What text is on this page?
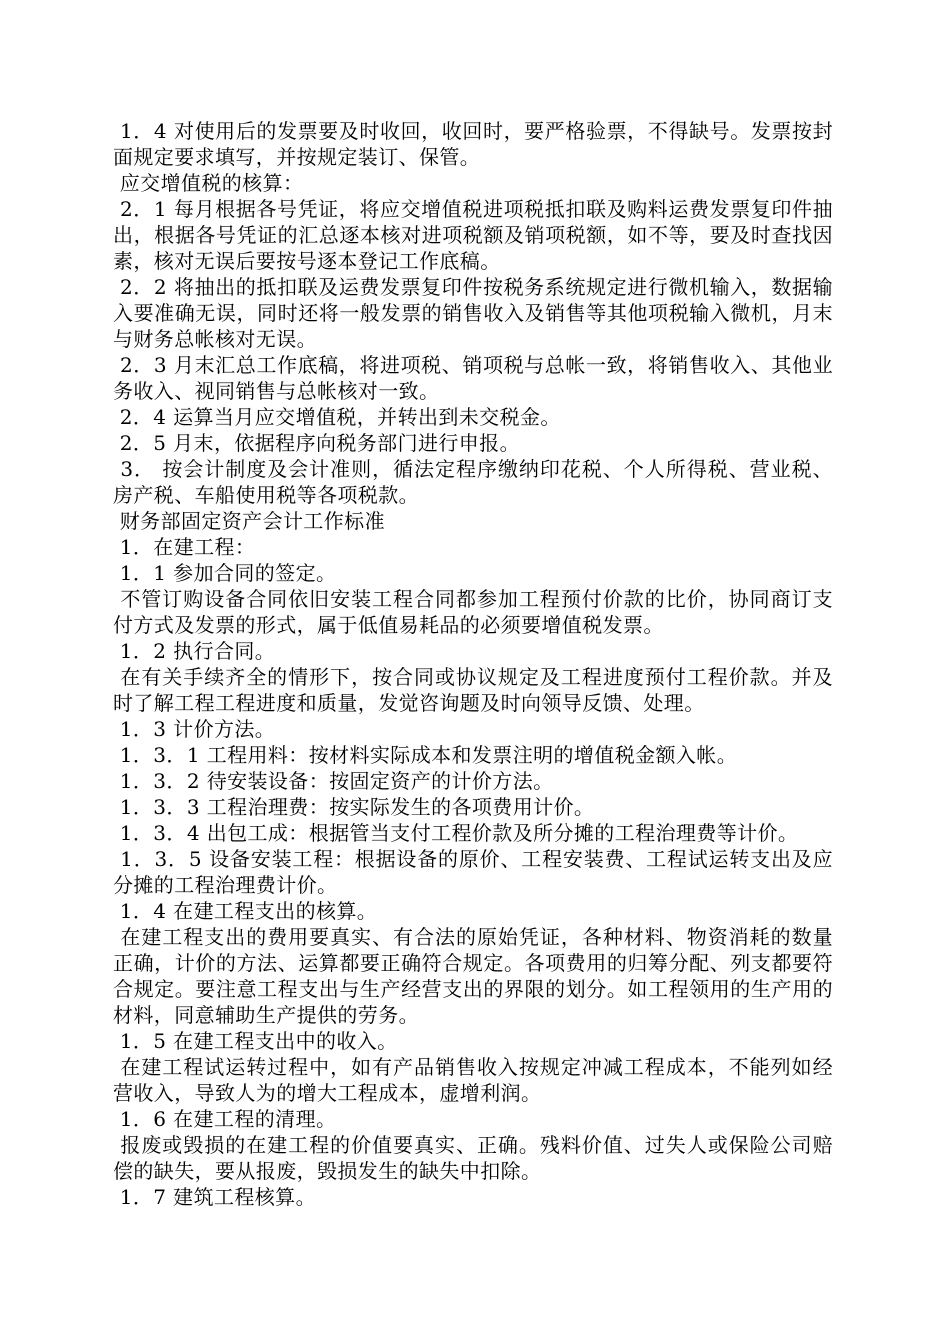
1．4 对使用后的发票要及时收回，收回时，要严格验票，不得缺号。发票按封面规定要求填写，并按规定装订、保管。

应交增值税的核算：

2．1 每月根据各号凭证，将应交增值税进项税抵扣联及购料运费发票复印件抽出，根据各号凭证的汇总逐本核对进项税额及销项税额，如不等，要及时查找因素，核对无误后要按号逐本登记工作底稿。

2．2 将抽出的抵扣联及运费发票复印件按税务系统规定进行微机输入，数据输入要准确无误，同时还将一般发票的销售收入及销售等其他项税输入微机，月末与财务总帐核对无误。

2．3 月末汇总工作底稿，将进项税、销项税与总帐一致，将销售收入、其他业务收入、视同销售与总帐核对一致。

2．4 运算当月应交增值税，并转出到未交税金。

2．5 月末，依据程序向税务部门进行申报。

3． 按会计制度及会计准则，循法定程序缴纳印花税、个人所得税、营业税、房产税、车船使用税等各项税款。

财务部固定资产会计工作标准

1．在建工程：

1．1 参加合同的签定。

不管订购设备合同依旧安装工程合同都参加工程预付价款的比价，协同商订支付方式及发票的形式，属于低值易耗品的必须要增值税发票。

1．2 执行合同。

在有关手续齐全的情形下，按合同或协议规定及工程进度预付工程价款。并及时了解工程工程进度和质量，发觉咨询题及时向领导反馈、处理。

1．3 计价方法。

1．3．1 工程用料：按材料实际成本和发票注明的增值税金额入帐。

1．3．2 待安装设备：按固定资产的计价方法。

1．3．3 工程治理费：按实际发生的各项费用计价。

1．3．4 出包工成：根据管当支付工程价款及所分摊的工程治理费等计价。

1．3．5 设备安装工程：根据设备的原价、工程安装费、工程试运转支出及应分摊的工程治理费计价。

1．4 在建工程支出的核算。

在建工程支出的费用要真实、有合法的原始凭证，各种材料、物资消耗的数量正确，计价的方法、运算都要正确符合规定。各项费用的归筹分配、列支都要符合规定。要注意工程支出与生产经营支出的界限的划分。如工程领用的生产用的材料，同意辅助生产提供的劳务。

1．5 在建工程支出中的收入。

在建工程试运转过程中，如有产品销售收入按规定冲减工程成本，不能列如经营收入，导致人为的增大工程成本，虚增利润。

1．6 在建工程的清理。

报废或毁损的在建工程的价值要真实、正确。残料价值、过失人或保险公司赔偿的缺失，要从报废，毁损发生的缺失中扣除。

1．7 建筑工程核算。
